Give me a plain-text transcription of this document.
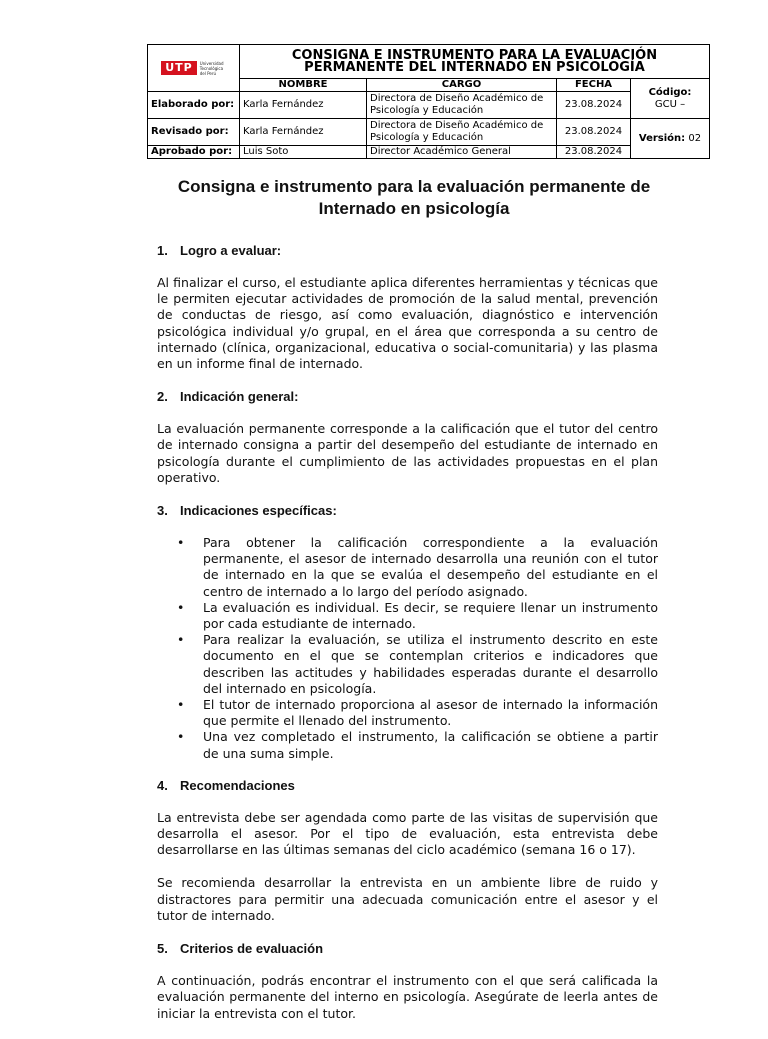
UTP Universidad Tecnológica del Perú	CONSIGNA E INSTRUMENTO PARA LA EVALUACIÓN PERMANENTE DEL INTERNADO EN PSICOLOGÍA			
	NOMBRE	CARGO	FECHA	Código:
GCU –

Elaborado por:	Karla Fernández	Directora de Diseño Académico de Psicología y Educación	23.08.2024	
Revisado por:	Karla Fernández	Directora de Diseño Académico de Psicología y Educación	23.08.2024	Versión: 02
Aprobado por:	Luis Soto	Director Académico General	23.08.2024	
Consigna e instrumento para la evaluación permanente de Internado en psicología
1. Logro a evaluar:

Al finalizar el curso, el estudiante aplica diferentes herramientas y técnicas que le permiten ejecutar actividades de promoción de la salud mental, prevención de conductas de riesgo, así como evaluación, diagnóstico e intervención psicológica individual y/o grupal, en el área que corresponda a su centro de internado (clínica, organizacional, educativa o social-comunitaria) y las plasma en un informe final de internado.

2. Indicación general:

La evaluación permanente corresponde a la calificación que el tutor del centro de internado consigna a partir del desempeño del estudiante de internado en psicología durante el cumplimiento de las actividades propuestas en el plan operativo.

3. Indicaciones específicas:
• Para obtener la calificación correspondiente a la evaluación permanente, el asesor de internado desarrolla una reunión con el tutor de internado en la que se evalúa el desempeño del estudiante en el centro de internado a lo largo del período asignado.
• La evaluación es individual. Es decir, se requiere llenar un instrumento por cada estudiante de internado.
• Para realizar la evaluación, se utiliza el instrumento descrito en este documento en el que se contemplan criterios e indicadores que describen las actitudes y habilidades esperadas durante el desarrollo del internado en psicología.
• El tutor de internado proporciona al asesor de internado la información que permite el llenado del instrumento.
• Una vez completado el instrumento, la calificación se obtiene a partir de una suma simple.
4. Recomendaciones

La entrevista debe ser agendada como parte de las visitas de supervisión que desarrolla el asesor. Por el tipo de evaluación, esta entrevista debe desarrollarse en las últimas semanas del ciclo académico (semana 16 o 17).

Se recomienda desarrollar la entrevista en un ambiente libre de ruido y distractores para permitir una adecuada comunicación entre el asesor y el tutor de internado.

5. Criterios de evaluación

A continuación, podrás encontrar el instrumento con el que será calificada la evaluación permanente del interno en psicología. Asegúrate de leerla antes de iniciar la entrevista con el tutor.
